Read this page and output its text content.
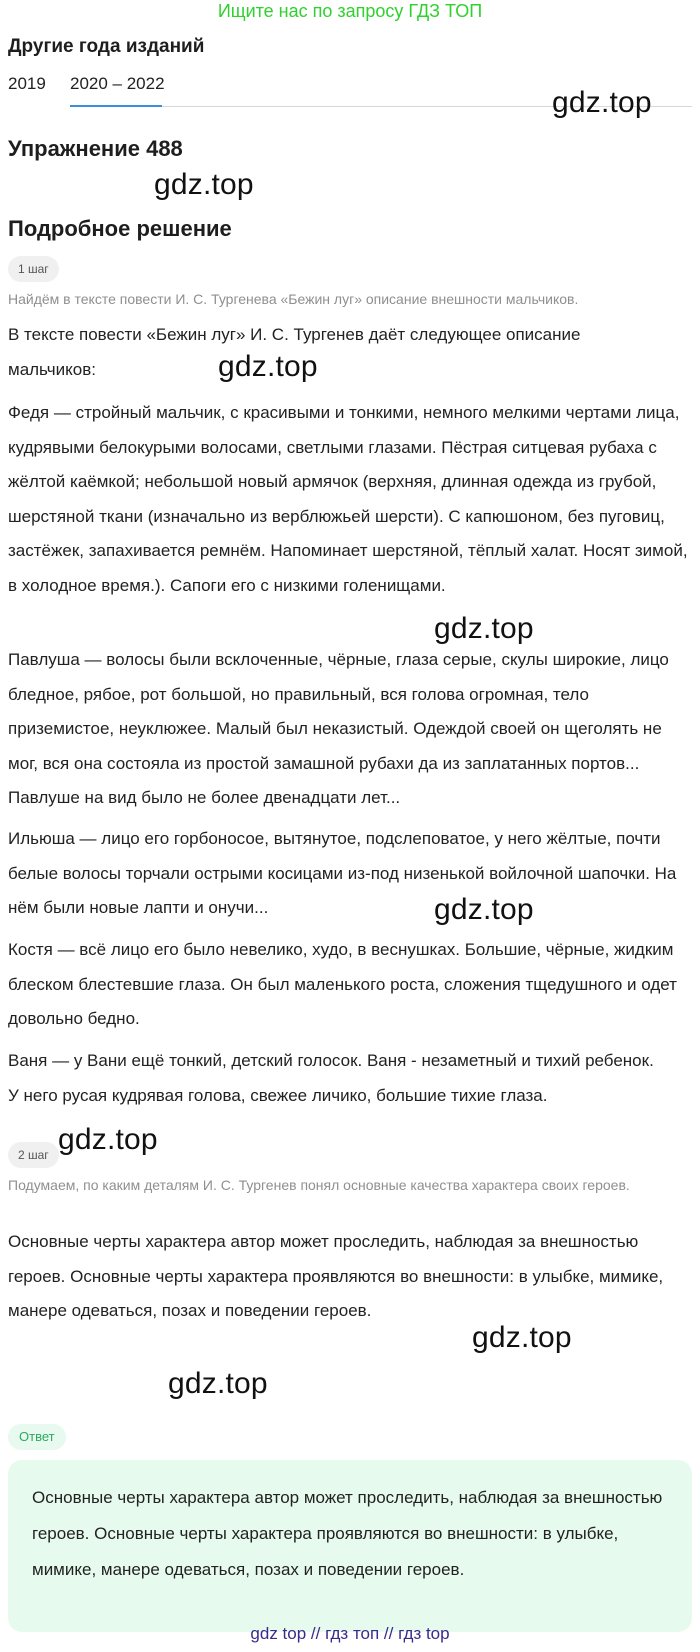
Ищите нас по запросу ГДЗ ТОП
Другие года изданий
2019 2020 – 2022
gdz.top
Упражнение 488
gdz.top
Подробное решение
1 шаг
Найдём в тексте повести И. С. Тургенева «Бежин луг» описание внешности мальчиков.
В тексте повести «Бежин луг» И. С. Тургенев даёт следующее описание мальчиков:	gdz.top
Федя — стройный мальчик, с красивыми и тонкими, немного мелкими чертами лица, кудрявыми белокурыми волосами, светлыми глазами. Пёстрая ситцевая рубаха с жёлтой каёмкой; небольшой новый армячок (верхняя, длинная одежда из грубой, шерстяной ткани (изначально из верблюжьей шерсти). С капюшоном, без пуговиц, застёжек, запахивается ремнём. Напоминает шерстяной, тёплый халат. Носят зимой, в холодное время.). Сапоги его с низкими голенищами.
gdz.top
Павлуша — волосы были всклоченные, чёрные, глаза серые, скулы широкие, лицо бледное, рябое, рот большой, но правильный, вся голова огромная, тело приземистое, неуклюжее. Малый был неказистый. Одеждой своей он щеголять не мог, вся она состояла из простой замашной рубахи да из заплатанных портов... Павлуше на вид было не более двенадцати лет...
Ильюша — лицо его горбоносое, вытянутое, подслеповатое, у него жёлтые, почти белые волосы торчали острыми косицами из-под низенькой войлочной шапочки. На нём были новые лапти и онучи...	gdz.top
Костя — всё лицо его было невелико, худо, в веснушках. Большие, чёрные, жидким блеском блестевшие глаза. Он был маленького роста, сложения тщедушного и одет довольно бедно.
Ваня — у Вани ещё тонкий, детский голосок. Ваня - незаметный и тихий ребенок. У него русая кудрявая голова, свежее личико, большие тихие глаза.
2 шаг gdz.top
Подумаем, по каким деталям И. С. Тургенев понял основные качества характера своих героев.
Основные черты характера автор может проследить, наблюдая за внешностью героев. Основные черты характера проявляются во внешности: в улыбке, мимике, манере одеваться, позах и поведении героев.
gdz.top
Ответ
Основные черты характера автор может проследить, наблюдая за внешностью героев. Основные черты характера проявляются во внешности: в улыбке, мимике, манере одеваться, позах и поведении героев.
gdz.top
gdz top // гдз топ // гдз top
